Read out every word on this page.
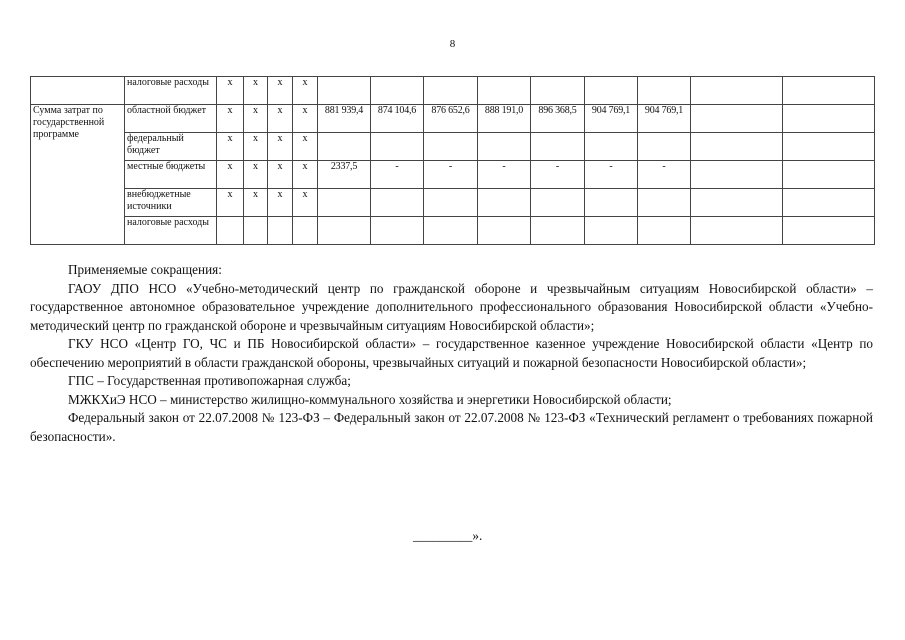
8
	налоговые расходы	х	х	х	х									
Сумма затрат по государственной программе	областной бюджет	х	х	х	х	881 939,4	874 104,6	876 652,6	888 191,0	896 368,5	904 769,1	904 769,1		
	федеральный бюджет	х	х	х	х									
	местные бюджеты	х	х	х	х	2337,5	-	-	-	-	-	-		
	внебюджетные источники	х	х	х	х									
	налоговые расходы													

Применяемые сокращения:

ГАОУ ДПО НСО «Учебно-методический центр по гражданской обороне и чрезвычайным ситуациям Новосибирской области» – государственное автономное образовательное учреждение дополнительного профессионального образования Новосибирской области «Учебно-методический центр по гражданской обороне и чрезвычайным ситуациям Новосибирской области»;

ГКУ НСО «Центр ГО, ЧС и ПБ Новосибирской области» – государственное казенное учреждение Новосибирской области «Центр по обеспечению мероприятий в области гражданской обороны, чрезвычайных ситуаций и пожарной безопасности Новосибирской области»;

ГПС – Государственная противопожарная служба;

МЖКХиЭ НСО – министерство жилищно-коммунального хозяйства и энергетики Новосибирской области;

Федеральный закон от 22.07.2008 № 123-ФЗ – Федеральный закон от 22.07.2008 № 123-ФЗ «Технический регламент о требованиях пожарной безопасности».

_________».
